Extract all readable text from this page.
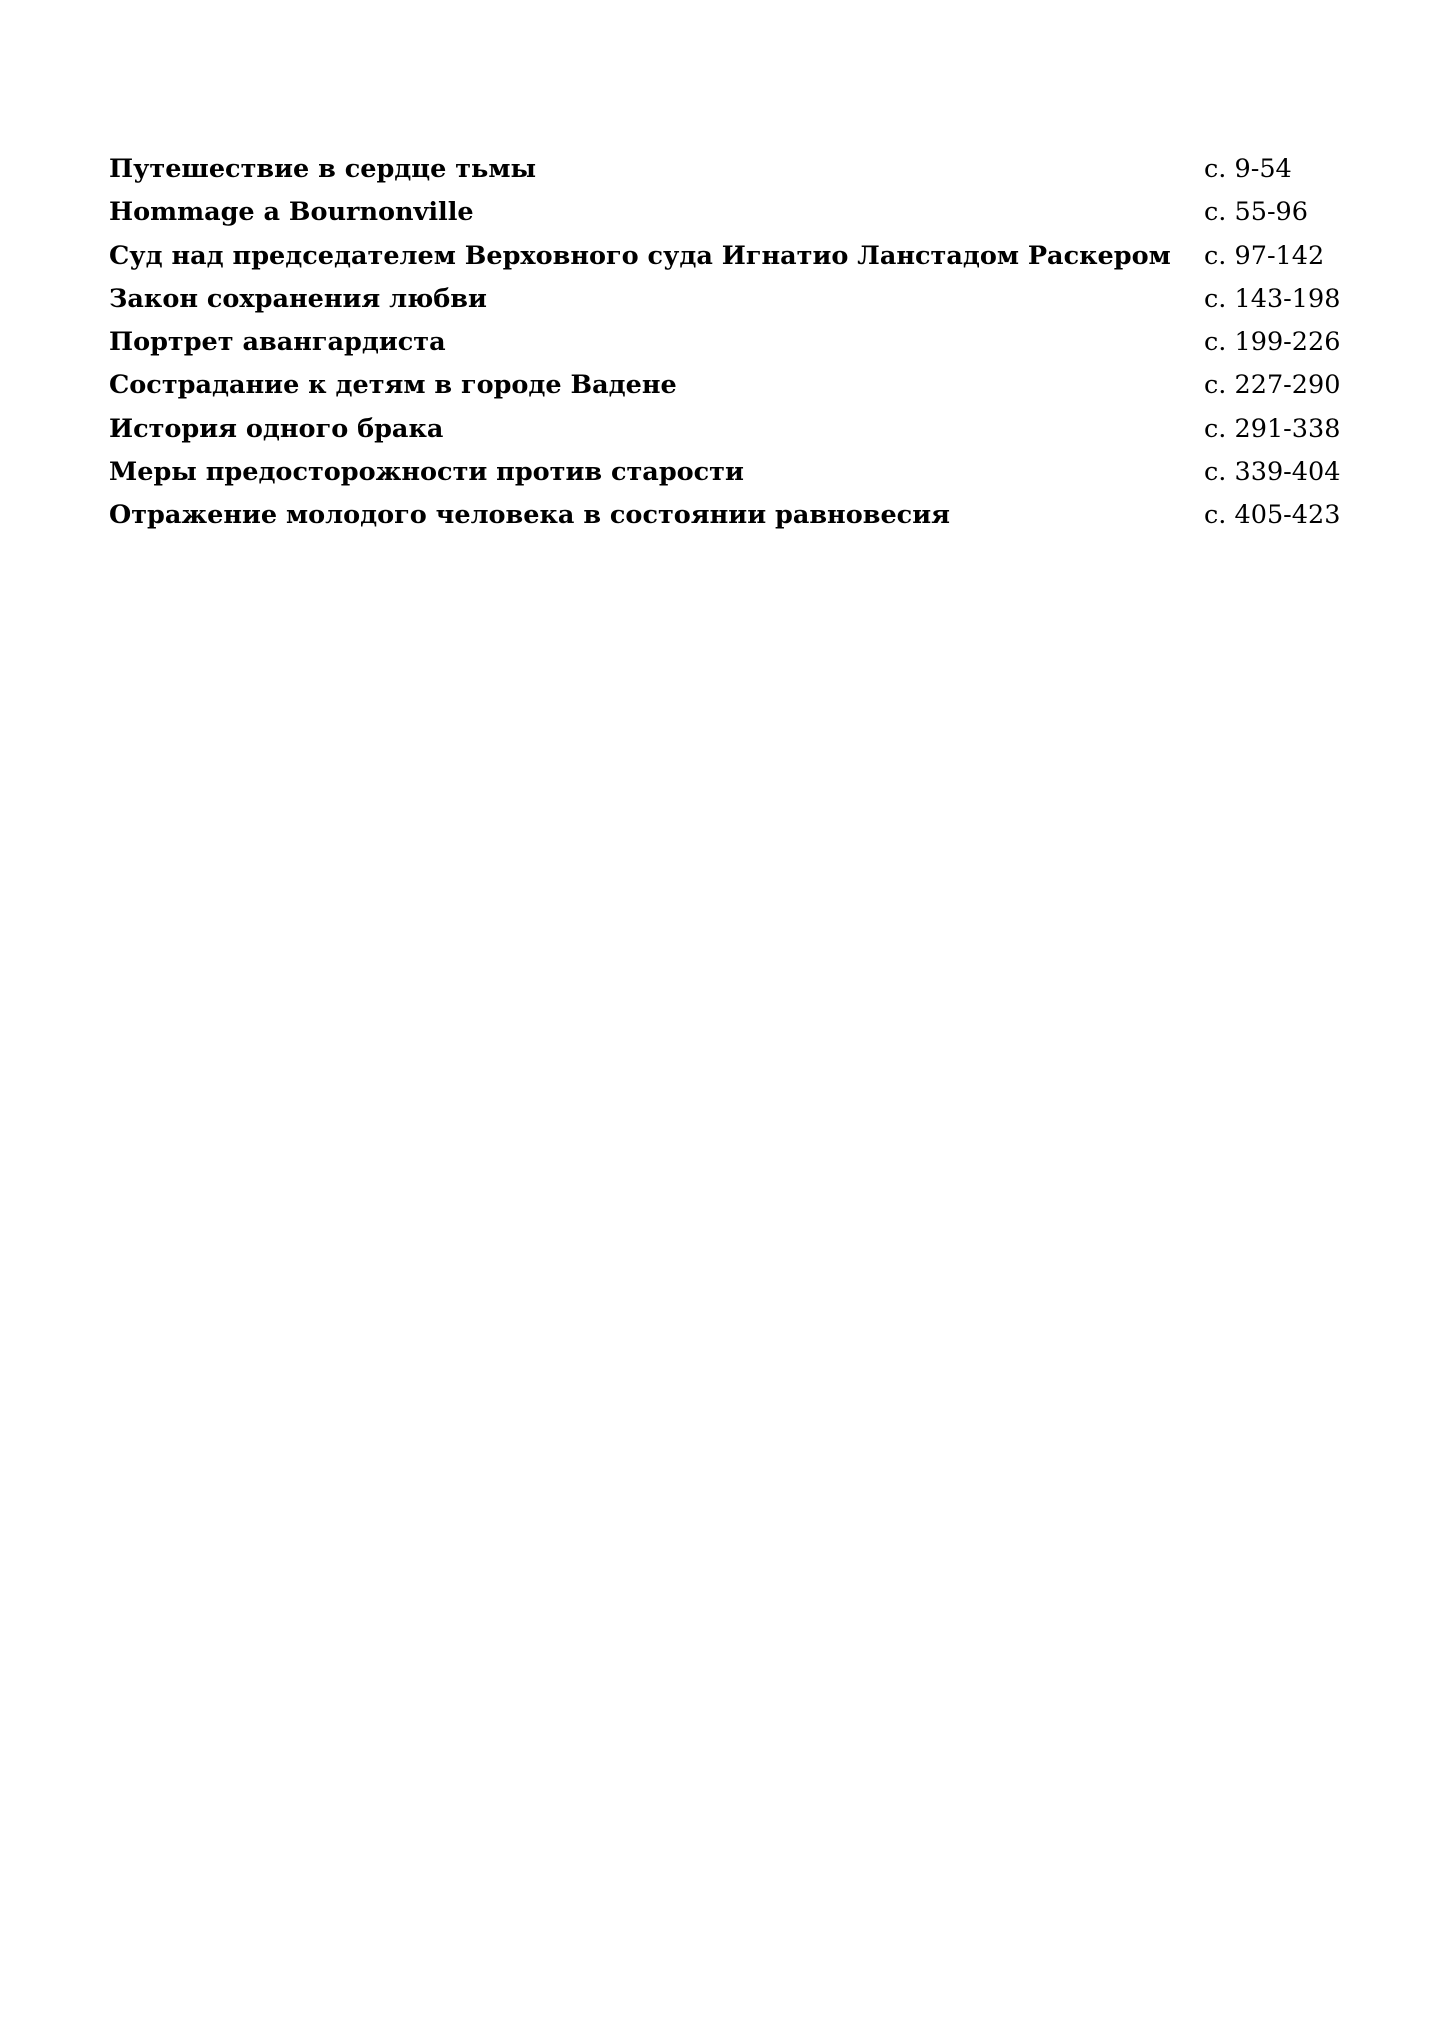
Путешествие в сердце тьмы	с. 9-54
Hommage a Bournonville	с. 55-96
Суд над председателем Верховного суда Игнатио Ланстадом Раскером с. 97-142
Закон сохранения любви	с. 143-198
Портрет авангардиста	с. 199-226
Сострадание к детям в городе Вадене	с. 227-290
История одного брака	с. 291-338
Меры предосторожности против старости	с. 339-404
Отражение молодого человека в состоянии равновесия	с. 405-423
